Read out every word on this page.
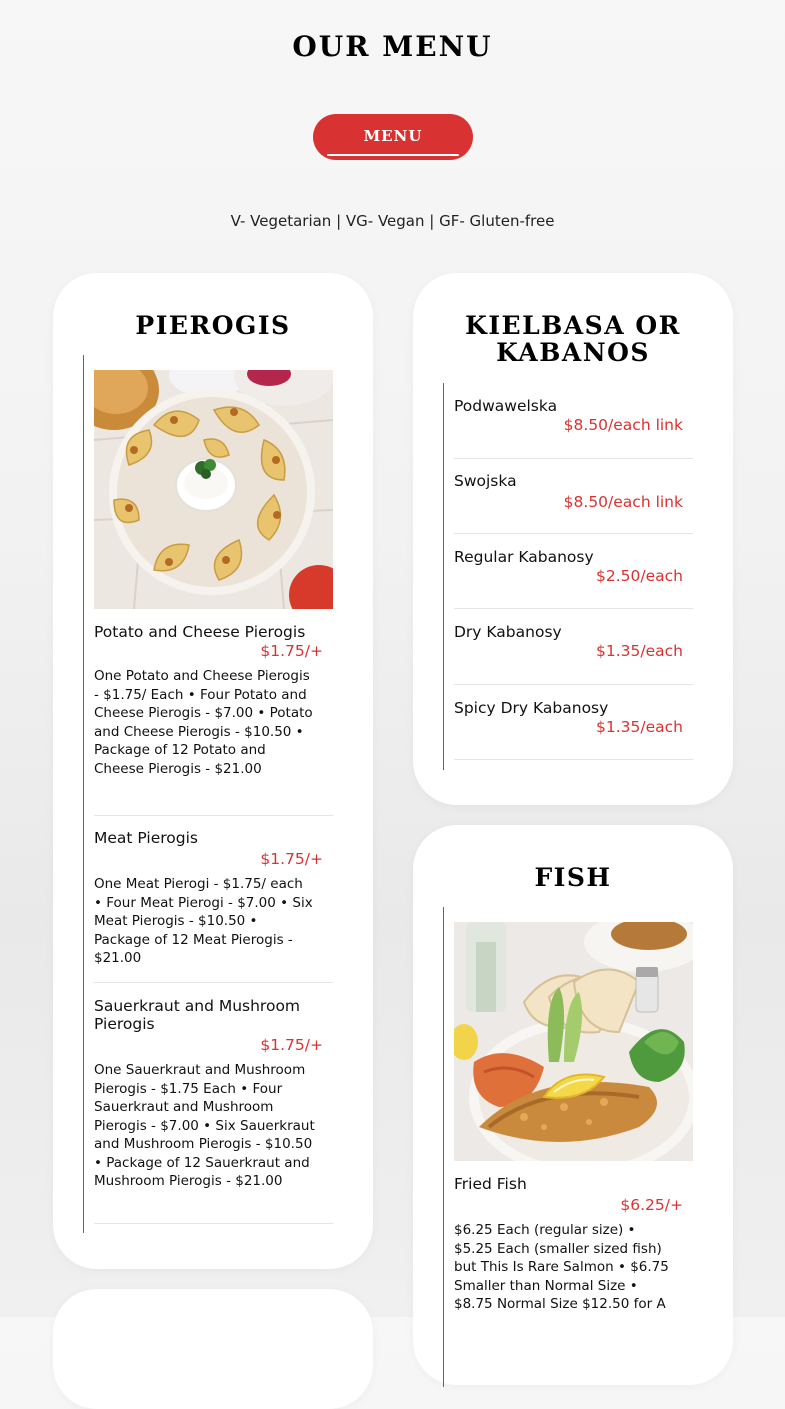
OUR MENU
MENU
V- Vegetarian | VG- Vegan | GF- Gluten-free
PIEROGIS
Potato and Cheese Pierogis
$1.75/+
One Potato and Cheese Pierogis - $1.75/ Each • Four Potato and Cheese Pierogis - $7.00 • Potato and Cheese Pierogis - $10.50 • Package of 12 Potato and Cheese Pierogis - $21.00
Meat Pierogis
$1.75/+
One Meat Pierogi - $1.75/ each • Four Meat Pierogi - $7.00 • Six Meat Pierogis - $10.50 • Package of 12 Meat Pierogis - $21.00
Sauerkraut and Mushroom Pierogis
$1.75/+
One Sauerkraut and Mushroom Pierogis - $1.75 Each • Four Sauerkraut and Mushroom Pierogis - $7.00 • Six Sauerkraut and Mushroom Pierogis - $10.50 • Package of 12 Sauerkraut and Mushroom Pierogis - $21.00
KIELBASA OR
KABANOS
Podwawelska
$8.50/each link
Swojska
$8.50/each link
Regular Kabanosy
$2.50/each
Dry Kabanosy
$1.35/each
Spicy Dry Kabanosy
$1.35/each
FISH
Fried Fish
$6.25/+
$6.25 Each (regular size) • $5.25 Each (smaller sized fish) but This Is Rare Salmon • $6.75 Smaller than Normal Size • $8.75 Normal Size $12.50 for A
